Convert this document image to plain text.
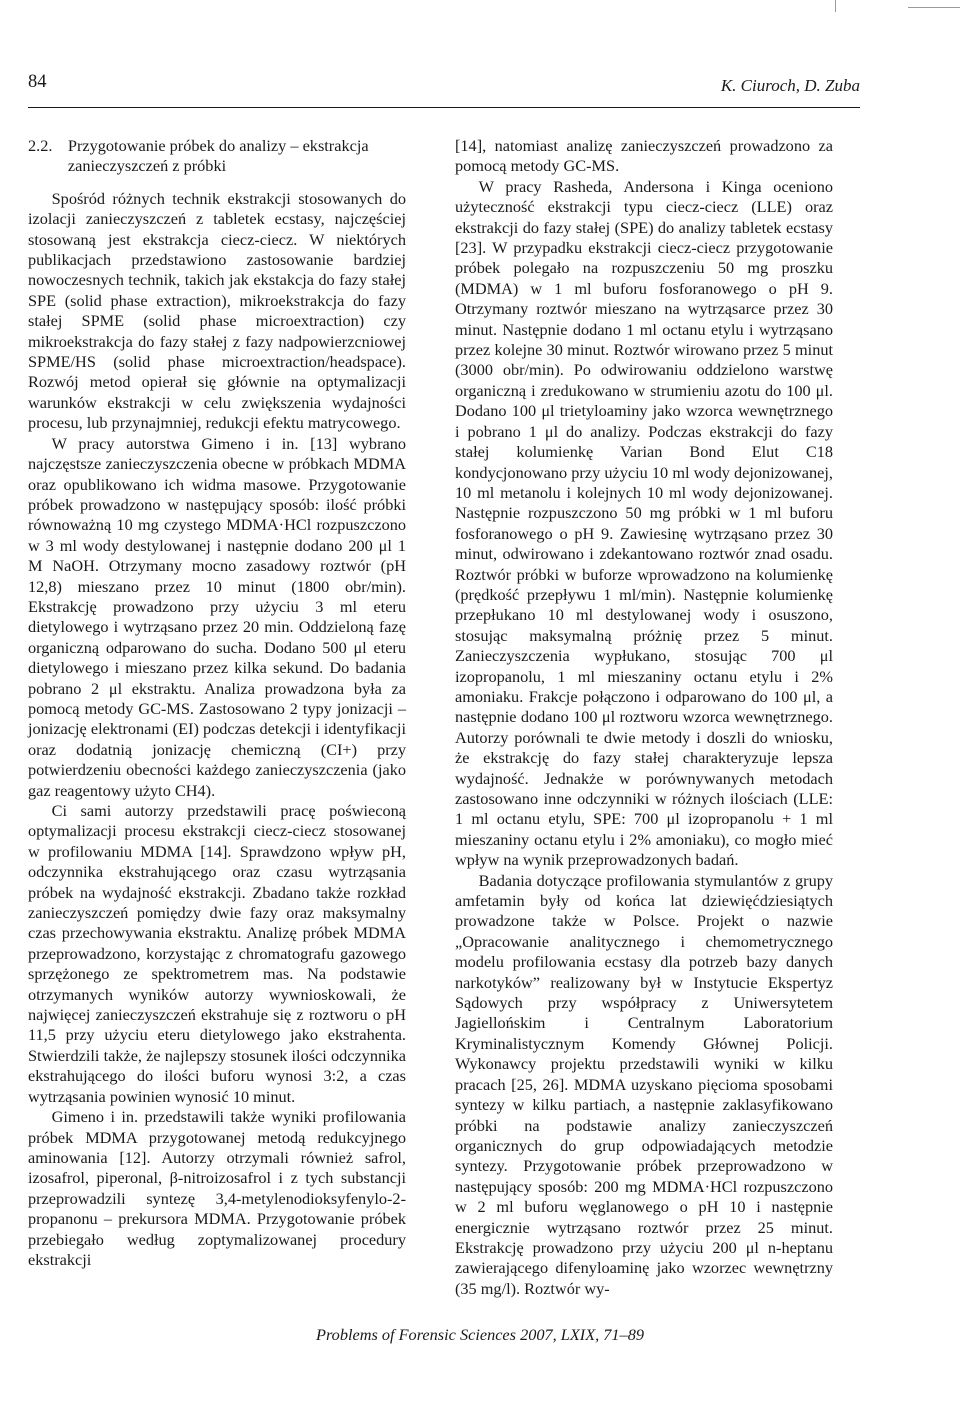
84	K. Ciuroch, D. Zuba
2.2. Przygotowanie próbek do analizy – ekstrakcja zanieczyszczeń z próbki

Spośród różnych technik ekstrakcji stosowanych do izolacji zanieczyszczeń z tabletek ecstasy, najczęściej stosowaną jest ekstrakcja ciecz-ciecz. W niektórych publikacjach przedstawiono zastosowanie bardziej nowoczesnych technik, takich jak ekstakcja do fazy stałej SPE (solid phase extraction), mikroekstrakcja do fazy stałej SPME (solid phase microextraction) czy mikroekstrakcja do fazy stałej z fazy nadpowierzcniowej SPME/HS (solid phase microextraction/headspace). Rozwój metod opierał się głównie na optymalizacji warunków ekstrakcji w celu zwiększenia wydajności procesu, lub przynajmniej, redukcji efektu matrycowego.

W pracy autorstwa Gimeno i in. [13] wybrano najczęstsze zanieczyszczenia obecne w próbkach MDMA oraz opublikowano ich widma masowe. Przygotowanie próbek prowadzono w następujący sposób: ilość próbki równoważną 10 mg czystego MDMA·HCl rozpuszczono w 3 ml wody destylowanej i następnie dodano 200 μl 1 M NaOH. Otrzymany mocno zasadowy roztwór (pH 12,8) mieszano przez 10 minut (1800 obr/min). Ekstrakcję prowadzono przy użyciu 3 ml eteru dietylowego i wytrząsano przez 20 min. Oddzieloną fazę organiczną odparowano do sucha. Dodano 500 μl eteru dietylowego i mieszano przez kilka sekund. Do badania pobrano 2 μl ekstraktu. Analiza prowadzona była za pomocą metody GC-MS. Zastosowano 2 typy jonizacji – jonizację elektronami (EI) podczas detekcji i identyfikacji oraz dodatnią jonizację chemiczną (CI+) przy potwierdzeniu obecności każdego zanieczyszczenia (jako gaz reagentowy użyto CH4).

Ci sami autorzy przedstawili pracę poświeconą optymalizacji procesu ekstrakcji ciecz-ciecz stosowanej w profilowaniu MDMA [14]. Sprawdzono wpływ pH, odczynnika ekstrahującego oraz czasu wytrząsania próbek na wydajność ekstrakcji. Zbadano także rozkład zanieczyszczeń pomiędzy dwie fazy oraz maksymalny czas przechowywania ekstraktu. Analizę próbek MDMA przeprowadzono, korzystając z chromatografu gazowego sprzężonego ze spektrometrem mas. Na podstawie otrzymanych wyników autorzy wywnioskowali, że najwięcej zanieczyszczeń ekstrahuje się z roztworu o pH 11,5 przy użyciu eteru dietylowego jako ekstrahenta. Stwierdzili także, że najlepszy stosunek ilości odczynnika ekstrahującego do ilości buforu wynosi 3:2, a czas wytrząsania powinien wynosić 10 minut.

Gimeno i in. przedstawili także wyniki profilowania próbek MDMA przygotowanej metodą redukcyjnego aminowania [12]. Autorzy otrzymali również safrol, izosafrol, piperonal, β-nitroizosafrol i z tych substancji przeprowadzili syntezę 3,4-metylenodioksyfenylo-2-propanonu – prekursora MDMA. Przygotowanie próbek przebiegało według zoptymalizowanej procedury ekstrakcji

[14], natomiast analizę zanieczyszczeń prowadzono za pomocą metody GC-MS.

W pracy Rasheda, Andersona i Kinga oceniono użyteczność ekstrakcji typu ciecz-ciecz (LLE) oraz ekstrakcji do fazy stałej (SPE) do analizy tabletek ecstasy [23]. W przypadku ekstrakcji ciecz-ciecz przygotowanie próbek polegało na rozpuszczeniu 50 mg proszku (MDMA) w 1 ml buforu fosforanowego o pH 9. Otrzymany roztwór mieszano na wytrząsarce przez 30 minut. Następnie dodano 1 ml octanu etylu i wytrząsano przez kolejne 30 minut. Roztwór wirowano przez 5 minut (3000 obr/min). Po odwirowaniu oddzielono warstwę organiczną i zredukowano w strumieniu azotu do 100 μl. Dodano 100 μl trietyloaminy jako wzorca wewnętrznego i pobrano 1 μl do analizy. Podczas ekstrakcji do fazy stałej kolumienkę Varian Bond Elut C18 kondycjonowano przy użyciu 10 ml wody dejonizowanej, 10 ml metanolu i kolejnych 10 ml wody dejonizowanej. Następnie rozpuszczono 50 mg próbki w 1 ml buforu fosforanowego o pH 9. Zawiesinę wytrząsano przez 30 minut, odwirowano i zdekantowano roztwór znad osadu. Roztwór próbki w buforze wprowadzono na kolumienkę (prędkość przepływu 1 ml/min). Następnie kolumienkę przepłukano 10 ml destylowanej wody i osuszono, stosując maksymalną próżnię przez 5 minut. Zanieczyszczenia wypłukano, stosując 700 μl izopropanolu, 1 ml mieszaniny octanu etylu i 2% amoniaku. Frakcje połączono i odparowano do 100 μl, a następnie dodano 100 μl roztworu wzorca wewnętrznego. Autorzy porównali te dwie metody i doszli do wniosku, że ekstrakcję do fazy stałej charakteryzuje lepsza wydajność. Jednakże w porównywanych metodach zastosowano inne odczynniki w różnych ilościach (LLE: 1 ml octanu etylu, SPE: 700 μl izopropanolu + 1 ml mieszaniny octanu etylu i 2% amoniaku), co mogło mieć wpływ na wynik przeprowadzonych badań.

Badania dotyczące profilowania stymulantów z grupy amfetamin były od końca lat dziewięćdziesiątych prowadzone także w Polsce. Projekt o nazwie „Opracowanie analitycznego i chemometrycznego modelu profilowania ecstasy dla potrzeb bazy danych narkotyków” realizowany był w Instytucie Ekspertyz Sądowych przy współpracy z Uniwersytetem Jagiellońskim i Centralnym Laboratorium Kryminalistycznym Komendy Głównej Policji. Wykonawcy projektu przedstawili wyniki w kilku pracach [25, 26]. MDMA uzyskano pięcioma sposobami syntezy w kilku partiach, a następnie zaklasyfikowano próbki na podstawie analizy zanieczyszczeń organicznych do grup odpowiadających metodzie syntezy. Przygotowanie próbek przeprowadzono w następujący sposób: 200 mg MDMA·HCl rozpuszczono w 2 ml buforu węglanowego o pH 10 i następnie energicznie wytrząsano roztwór przez 25 minut. Ekstrakcję prowadzono przy użyciu 200 μl n-heptanu zawierającego difenyloaminę jako wzorzec wewnętrzny (35 mg/l). Roztwór wy-

Problems of Forensic Sciences 2007, LXIX, 71–89
